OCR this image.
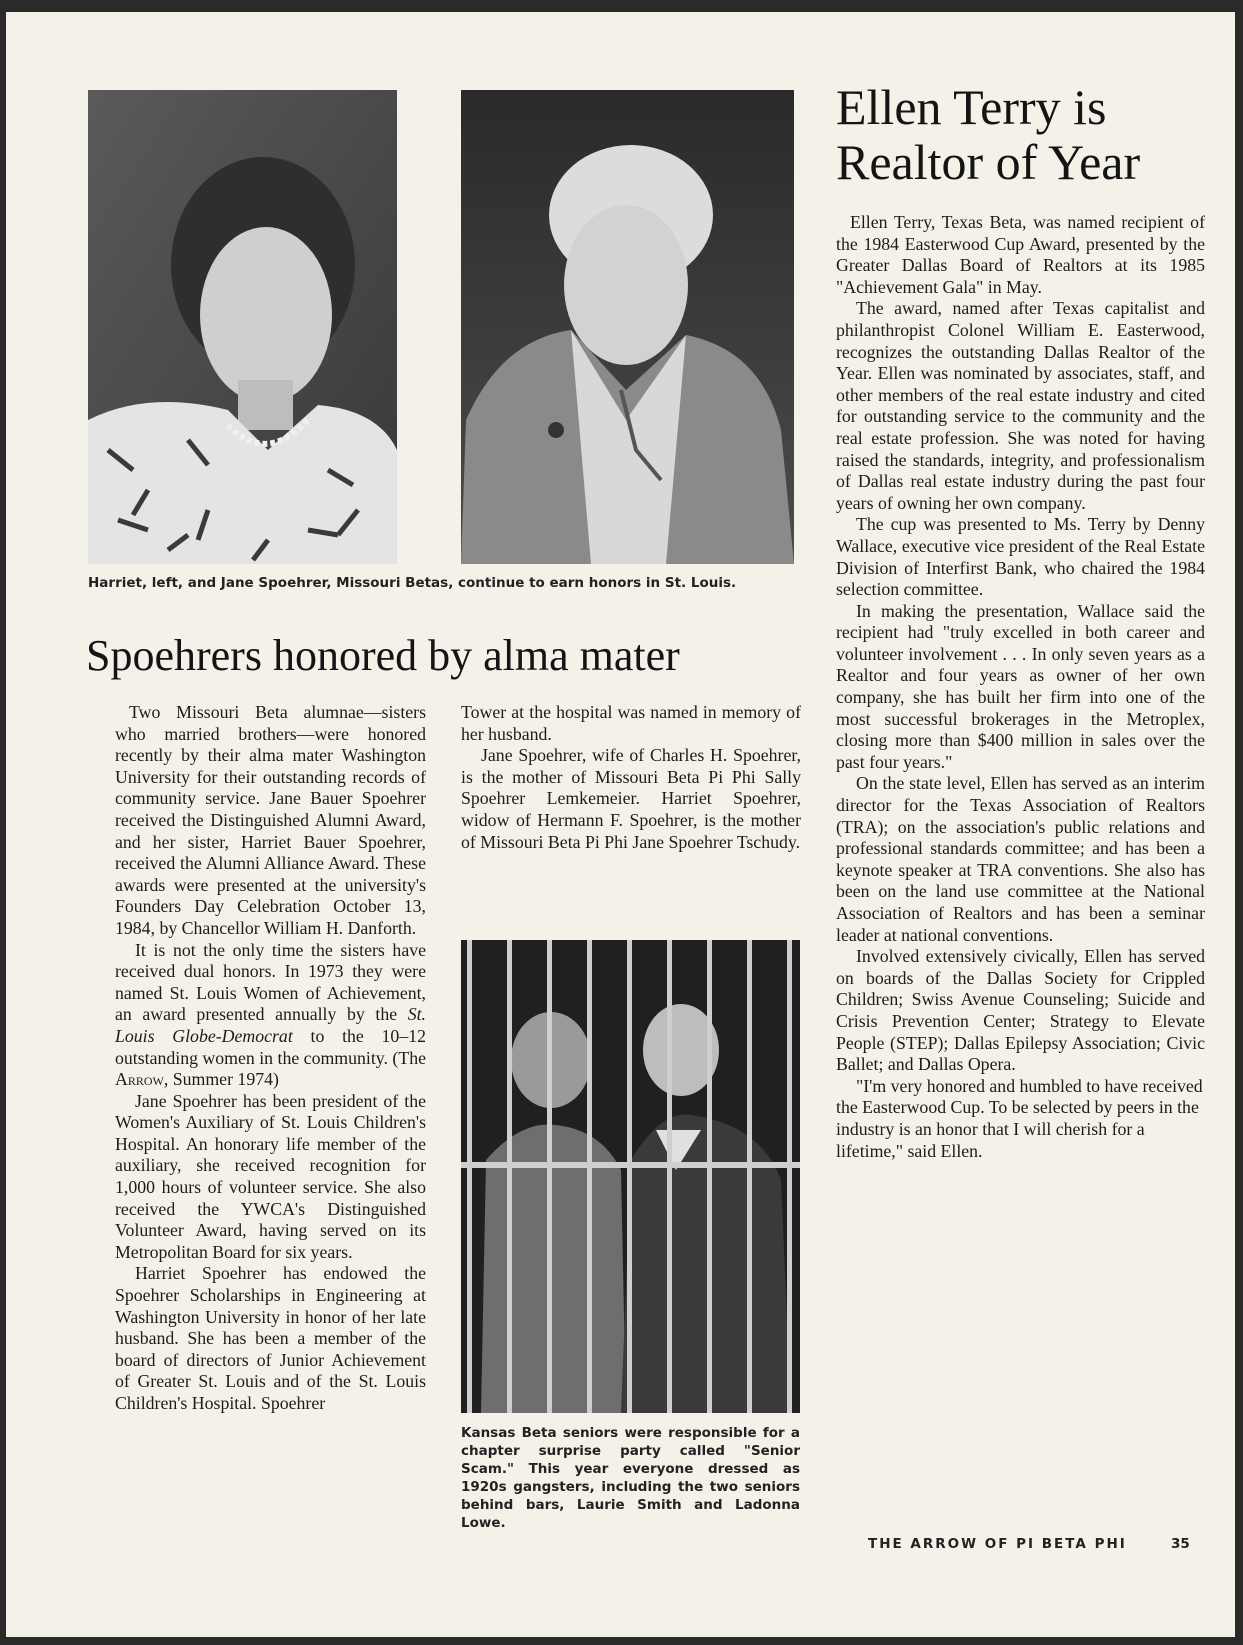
Harriet, left, and Jane Spoehrer, Missouri Betas, continue to earn honors in St. Louis.
Spoehrers honored by alma mater

Two Missouri Beta alumnae—sisters who married brothers—were honored recently by their alma mater Washington University for their outstanding records of community service. Jane Bauer Spoehrer received the Distinguished Alumni Award, and her sister, Harriet Bauer Spoehrer, received the Alumni Alliance Award. These awards were presented at the university's Founders Day Celebration October 13, 1984, by Chancellor William H. Danforth.

It is not the only time the sisters have received dual honors. In 1973 they were named St. Louis Women of Achievement, an award presented annually by the St. Louis Globe-Democrat to the 10–12 outstanding women in the community. (The Arrow, Summer 1974)

Jane Spoehrer has been president of the Women's Auxiliary of St. Louis Children's Hospital. An honorary life member of the auxiliary, she received recognition for 1,000 hours of volunteer service. She also received the YWCA's Distinguished Volunteer Award, having served on its Metropolitan Board for six years.

Harriet Spoehrer has endowed the Spoehrer Scholarships in Engineering at Washington University in honor of her late husband. She has been a member of the board of directors of Junior Achievement of Greater St. Louis and of the St. Louis Children's Hospital. Spoehrer

Tower at the hospital was named in memory of her husband.

Jane Spoehrer, wife of Charles H. Spoehrer, is the mother of Missouri Beta Pi Phi Sally Spoehrer Lemkemeier. Harriet Spoehrer, widow of Hermann F. Spoehrer, is the mother of Missouri Beta Pi Phi Jane Spoehrer Tschudy.

Kansas Beta seniors were responsible for a chapter surprise party called "Senior Scam." This year everyone dressed as 1920s gangsters, including the two seniors behind bars, Laurie Smith and Ladonna Lowe.
Ellen Terry is
Realtor of Year

Ellen Terry, Texas Beta, was named recipient of the 1984 Easterwood Cup Award, presented by the Greater Dallas Board of Realtors at its 1985 "Achievement Gala" in May.

The award, named after Texas capitalist and philanthropist Colonel William E. Easterwood, recognizes the outstanding Dallas Realtor of the Year. Ellen was nominated by associates, staff, and other members of the real estate industry and cited for outstanding service to the community and the real estate profession. She was noted for having raised the standards, integrity, and professionalism of Dallas real estate industry during the past four years of owning her own company.

The cup was presented to Ms. Terry by Denny Wallace, executive vice president of the Real Estate Division of Interfirst Bank, who chaired the 1984 selection committee.

In making the presentation, Wallace said the recipient had "truly excelled in both career and volunteer involvement . . . In only seven years as a Realtor and four years as owner of her own company, she has built her firm into one of the most successful brokerages in the Metroplex, closing more than $400 million in sales over the past four years."

On the state level, Ellen has served as an interim director for the Texas Association of Realtors (TRA); on the association's public relations and professional standards committee; and has been a keynote speaker at TRA conventions. She also has been on the land use committee at the National Association of Realtors and has been a seminar leader at national conventions.

Involved extensively civically, Ellen has served on boards of the Dallas Society for Crippled Children; Swiss Avenue Counseling; Suicide and Crisis Prevention Center; Strategy to Elevate People (STEP); Dallas Epilepsy Association; Civic Ballet; and Dallas Opera.

"I'm very honored and humbled to have received the Easterwood Cup. To be selected by peers in the industry is an honor that I will cherish for a lifetime," said Ellen.

THE ARROW OF PI BETA PHI	35
